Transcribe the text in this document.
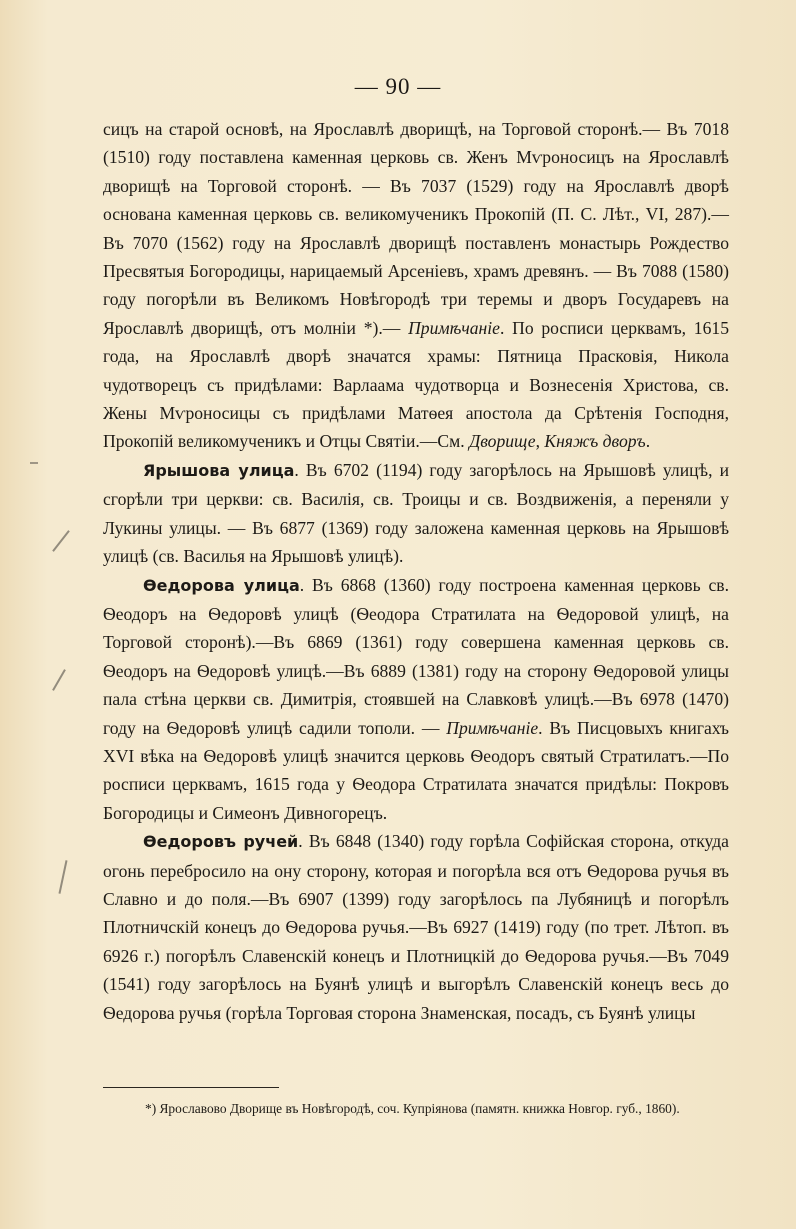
— 90 —

сицъ на старой основѣ, на Ярославлѣ дворищѣ, на Торговой сторонѣ.— Въ 7018 (1510) году поставлена каменная церковь св. Женъ Мѵроносицъ на Ярославлѣ дворищѣ на Торговой сторонѣ. — Въ 7037 (1529) году на Ярославлѣ дворѣ основана каменная церковь св. великомученикъ Прокопій (П. С. Лѣт., VI, 287).—Въ 7070 (1562) году на Ярославлѣ дворищѣ поставленъ монастырь Рождество Пресвятыя Богородицы, нарицаемый Арсеніевъ, храмъ древянъ. — Въ 7088 (1580) году погорѣли въ Великомъ Новѣгородѣ три теремы и дворъ Государевъ на Ярославлѣ дворищѣ, отъ молніи *).— Примѣчаніе. По росписи церквамъ, 1615 года, на Ярославлѣ дворѣ значатся храмы: Пятница Прасковія, Никола чудотворецъ съ придѣлами: Варлаама чудотворца и Вознесенія Христова, св. Жены Мѵроносицы съ придѣлами Матѳея апостола да Срѣтенія Господня, Прокопій великомученикъ и Отцы Святіи.—См. Дворище, Княжъ дворъ.

Ярышова улица. Въ 6702 (1194) году загорѣлось на Ярышовѣ улицѣ, и сгорѣли три церкви: св. Василія, св. Троицы и св. Воздвиженія, а переняли у Лукины улицы. — Въ 6877 (1369) году заложена каменная церковь на Ярышовѣ улицѣ (св. Василья на Ярышовѣ улицѣ).

Ѳедорова улица. Въ 6868 (1360) году построена каменная церковь св. Ѳеодоръ на Ѳедоровѣ улицѣ (Ѳеодора Стратилата на Ѳедоровой улицѣ, на Торговой сторонѣ).—Въ 6869 (1361) году совершена каменная церковь св. Ѳеодоръ на Ѳедоровѣ улицѣ.—Въ 6889 (1381) году на сторону Ѳедоровой улицы пала стѣна церкви св. Димитрія, стоявшей на Славковѣ улицѣ.—Въ 6978 (1470) году на Ѳедоровѣ улицѣ садили тополи. — Примѣчаніе. Въ Писцовыхъ книгахъ XVI вѣка на Ѳедоровѣ улицѣ значится церковь Ѳеодоръ святый Стратилатъ.—По росписи церквамъ, 1615 года у Ѳеодора Стратилата значатся придѣлы: Покровъ Богородицы и Симеонъ Дивногорецъ.

Ѳедоровъ ручей. Въ 6848 (1340) году горѣла Софійская сторона, откуда огонь перебросило на ону сторону, которая и погорѣла вся отъ Ѳедорова ручья въ Славно и до поля.—Въ 6907 (1399) году загорѣлось па Лубяницѣ и погорѣлъ Плотничскій конецъ до Ѳедорова ручья.—Въ 6927 (1419) году (по трет. Лѣтоп. въ 6926 г.) погорѣлъ Славенскій конецъ и Плотницкій до Ѳедорова ручья.—Въ 7049 (1541) году загорѣлось на Буянѣ улицѣ и выгорѣлъ Славенскій конецъ весь до Ѳедорова ручья (горѣла Торговая сторона Знаменская, посадъ, съ Буянѣ улицы

*) Ярославово Дворище въ Новѣгородѣ, соч. Купріянова (памятн. книжка Новгор. губ., 1860).
